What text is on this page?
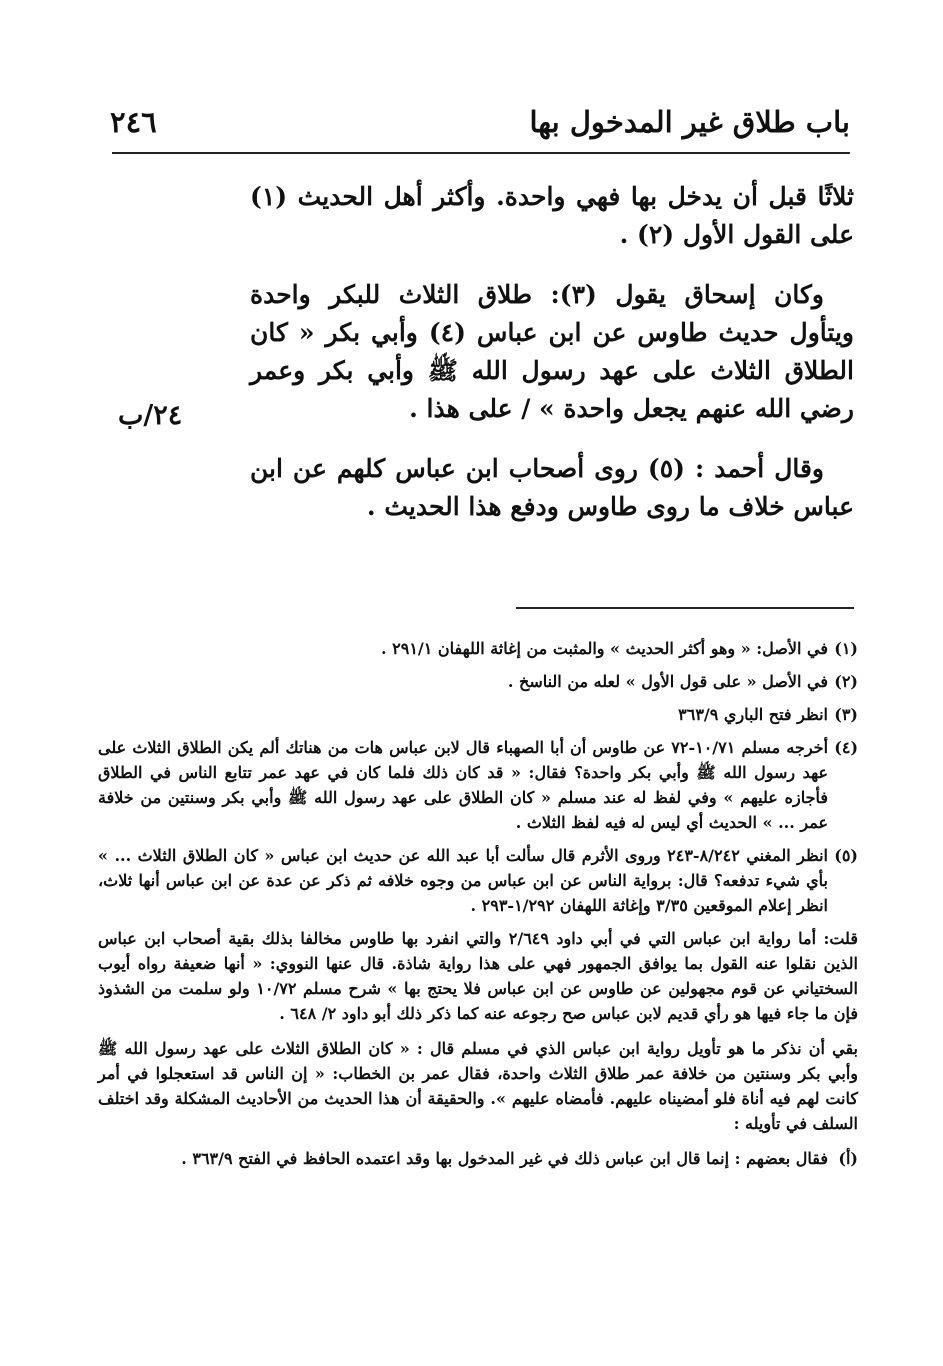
باب طلاق غير المدخول بها
٢٤٦

ثلاثًا قبل أن يدخل بها فهي واحدة. وأكثر أهل الحديث (١) على القول الأول (٢) .

وكان إسحاق يقول (٣): طلاق الثلاث للبكر واحدة ويتأول حديث طاوس عن ابن عباس (٤) وأبي بكر « كان الطلاق الثلاث على عهد رسول الله ﷺ وأبي بكر وعمر رضي الله عنهم يجعل واحدة » / على هذا .

وقال أحمد : (٥) روى أصحاب ابن عباس كلهم عن ابن عباس خلاف ما روى طاوس ودفع هذا الحديث .

٢٤/ب
(١)في الأصل: « وهو أكثر الحديث » والمثبت من إغاثة اللهفان ٢٩١/١ .
(٢)في الأصل « على قول الأول » لعله من الناسخ .
(٣)انظر فتح الباري ٣٦٣/٩
(٤)أخرجه مسلم ١٠/٧١-٧٢ عن طاوس أن أبا الصهباء قال لابن عباس هات من هناتك ألم يكن الطلاق الثلاث على عهد رسول الله ﷺ وأبي بكر واحدة؟ فقال: « قد كان ذلك فلما كان في عهد عمر تتابع الناس في الطلاق فأجازه عليهم » وفي لفظ له عند مسلم « كان الطلاق على عهد رسول الله ﷺ وأبي بكر وسنتين من خلافة عمر ... » الحديث أي ليس له فيه لفظ الثلاث .
(٥)انظر المغني ٨/٢٤٢-٢٤٣ وروى الأثرم قال سألت أبا عبد الله عن حديث ابن عباس « كان الطلاق الثلاث ... » بأي شيء تدفعه؟ قال: برواية الناس عن ابن عباس من وجوه خلافه ثم ذكر عن عدة عن ابن عباس أنها ثلاث، انظر إعلام الموقعين ٣/٣٥ وإغاثة اللهفان ١/٢٩٢-٢٩٣ .
قلت: أما رواية ابن عباس التي في أبي داود ٢/٦٤٩ والتي انفرد بها طاوس مخالفا بذلك بقية أصحاب ابن عباس الذين نقلوا عنه القول بما يوافق الجمهور فهي على هذا رواية شاذة. قال عنها النووي: « أنها ضعيفة رواه أيوب السختياني عن قوم مجهولين عن طاوس عن ابن عباس فلا يحتج بها » شرح مسلم ١٠/٧٢ ولو سلمت من الشذوذ فإن ما جاء فيها هو رأي قديم لابن عباس صح رجوعه عنه كما ذكر ذلك أبو داود ٢/ ٦٤٨ .
بقي أن نذكر ما هو تأويل رواية ابن عباس الذي في مسلم قال : « كان الطلاق الثلاث على عهد رسول الله ﷺ وأبي بكر وسنتين من خلافة عمر طلاق الثلاث واحدة، فقال عمر بن الخطاب: « إن الناس قد استعجلوا في أمر كانت لهم فيه أناة فلو أمضيناه عليهم. فأمضاه عليهم ». والحقيقة أن هذا الحديث من الأحاديث المشكلة وقد اختلف السلف في تأويله :
(أ)فقال بعضهم : إنما قال ابن عباس ذلك في غير المدخول بها وقد اعتمده الحافظ في الفتح ٣٦٣/٩ .
